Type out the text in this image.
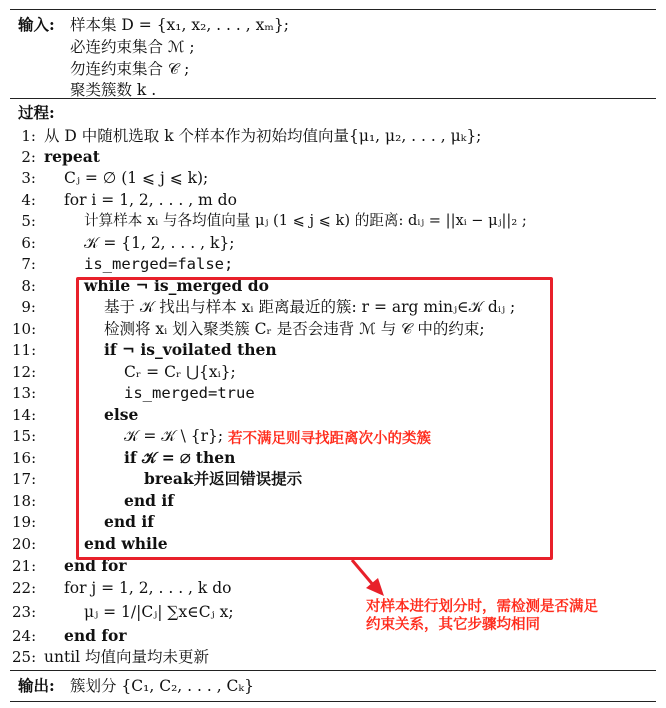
输入: 样本集 D = {x₁, x₂, . . . , xₘ};
必连约束集合 ℳ ;
勿连约束集合 𝒞 ;
聚类簇数 k .
过程:
1: 从 D 中随机选取 k 个样本作为初始均值向量{μ₁, μ₂, . . . , μₖ};
2: repeat
3: Cⱼ = ∅ (1 ⩽ j ⩽ k);
4: for i = 1, 2, . . . , m do
5:	计算样本 xᵢ 与各均值向量 μⱼ (1 ⩽ j ⩽ k) 的距离: dᵢⱼ = ||xᵢ − μⱼ||₂ ;
6:	𝒦 = {1, 2, . . . , k};
7:	is_merged=false;
8:	while ¬ is_merged do
9:	基于 𝒦 找出与样本 xᵢ 距离最近的簇: r = arg minⱼ∈𝒦 dᵢⱼ ;
10:	检测将 xᵢ 划入聚类簇 Cᵣ 是否会违背 ℳ 与 𝒞 中的约束;
11:	if ¬ is_voilated then
12:	Cᵣ = Cᵣ ⋃{xᵢ};
13:	is_merged=true
14:	else
15:	𝒦 = 𝒦 \ {r};
16:	if 𝒦 = ∅ then
17:	break并返回错误提示
18:	end if
19:	end if
20:	end while
21: end for
22: for j = 1, 2, . . . , k do
23:	μⱼ = 1/|Cⱼ| ∑x∈Cⱼ x;
24: end for
25: until 均值向量均未更新
输出: 簇划分 {C₁, C₂, . . . , Cₖ}
若不满足则寻找距离次小的类簇
对样本进行划分时，需检测是否满足
约束关系，其它步骤均相同
